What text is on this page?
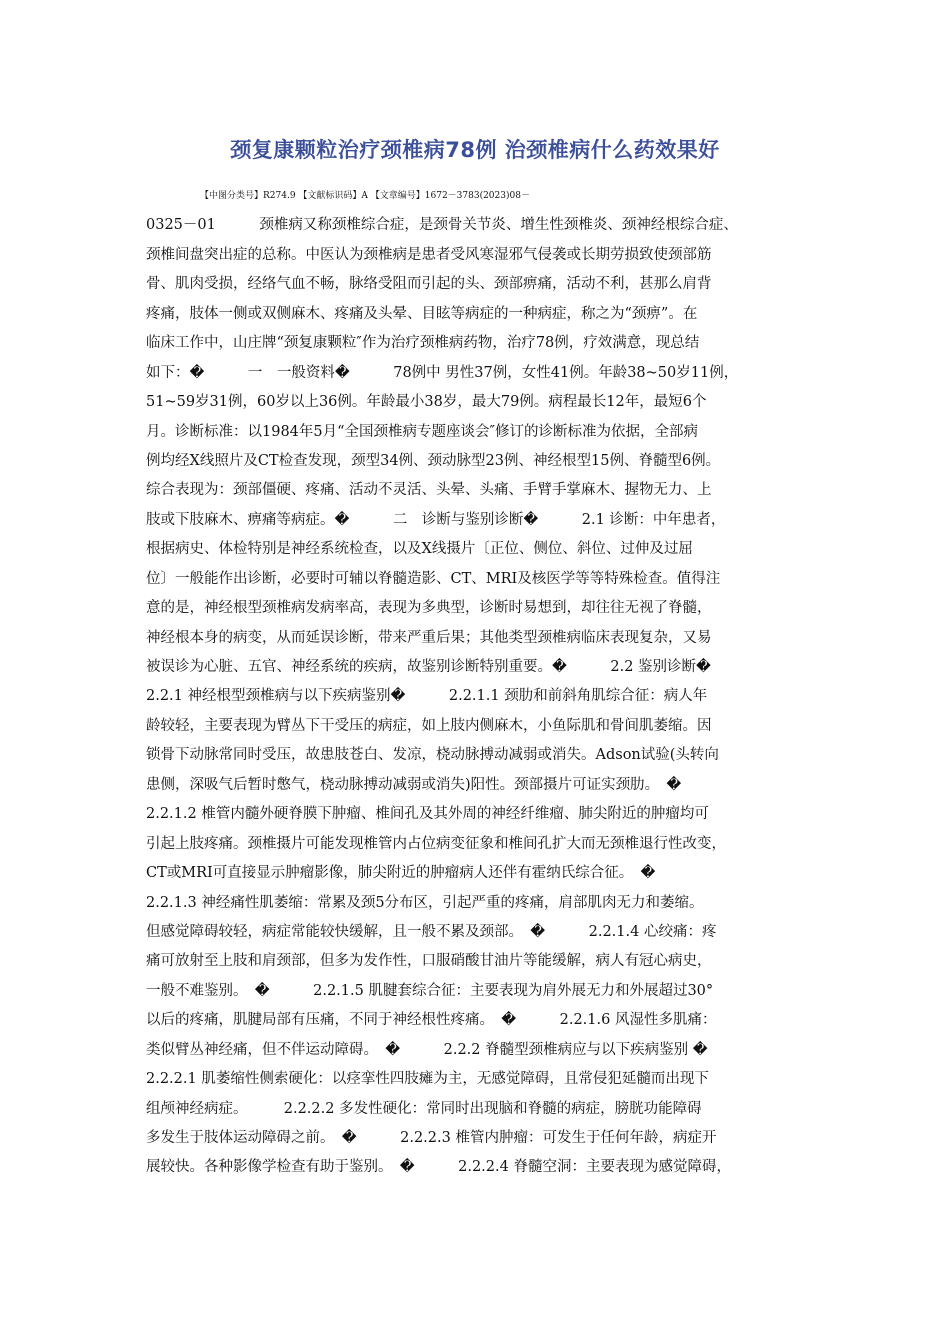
颈复康颗粒治疗颈椎病78例 治颈椎病什么药效果好
【中图分类号】R274.9 【文献标识码】A 【文章编号】1672－3783(2023)08－
0325－01　　　颈椎病又称颈椎综合症，是颈骨关节炎、增生性颈椎炎、颈神经根综合症、
颈椎间盘突出症的总称。中医认为颈椎病是患者受风寒湿邪气侵袭或长期劳损致使颈部筋
骨、肌肉受损，经络气血不畅，脉络受阻而引起的头、颈部痹痛，活动不利，甚那么肩背
疼痛，肢体一侧或双侧麻木、疼痛及头晕、目眩等病症的一种病症，称之为“颈痹”。在
临床工作中，山庄牌“颈复康颗粒″作为治疗颈椎病药物，治疗78例，疗效满意，现总结
如下：�　　　一　一般资料�　　　78例中 男性37例，女性41例。年龄38~50岁11例，
51~59岁31例，60岁以上36例。年龄最小38岁，最大79例。病程最长12年，最短6个
月。诊断标准：以1984年5月“全国颈椎病专题座谈会″修订的诊断标准为依据，全部病
例均经X线照片及CT检查发现，颈型34例、颈动脉型23例、神经根型15例、脊髓型6例。
综合表现为：颈部僵硬、疼痛、活动不灵活、头晕、头痛、手臂手掌麻木、握物无力、上
肢或下肢麻木、痹痛等病症。�　　　二　诊断与鉴别诊断�　　　2.1 诊断：中年患者，
根据病史、体检特别是神经系统检查，以及X线摄片〔正位、侧位、斜位、过伸及过屈
位〕一般能作出诊断，必要时可辅以脊髓造影、CT、MRI及核医学等等特殊检查。值得注
意的是，神经根型颈椎病发病率高，表现为多典型，诊断时易想到，却往往无视了脊髓，
神经根本身的病变，从而延误诊断，带来严重后果；其他类型颈椎病临床表现复杂，又易
被误诊为心脏、五官、神经系统的疾病，故鉴别诊断特别重要。�　　　2.2 鉴别诊断�
2.2.1 神经根型颈椎病与以下疾病鉴别�　　　2.2.1.1 颈肋和前斜角肌综合征：病人年
龄较轻，主要表现为臂丛下干受压的病症，如上肢内侧麻木，小鱼际肌和骨间肌萎缩。因
锁骨下动脉常同时受压，故患肢苍白、发凉，桡动脉搏动减弱或消失。Adson试验(头转向
患侧，深吸气后暂时憋气，桡动脉搏动减弱或消失)阳性。颈部摄片可证实颈肋。　�
2.2.1.2 椎管内髓外硬脊膜下肿瘤、椎间孔及其外周的神经纤维瘤、肺尖附近的肿瘤均可
引起上肢疼痛。颈椎摄片可能发现椎管内占位病变征象和椎间孔扩大而无颈椎退行性改变，
CT或MRI可直接显示肿瘤影像，肺尖附近的肿瘤病人还伴有霍纳氏综合征。　�
2.2.1.3 神经痛性肌萎缩：常累及颈5分布区，引起严重的疼痛，肩部肌肉无力和萎缩。
但感觉障碍较轻，病症常能较快缓解，且一般不累及颈部。　�　　　2.2.1.4 心绞痛：疼
痛可放射至上肢和肩颈部，但多为发作性，口服硝酸甘油片等能缓解，病人有冠心病史，
一般不难鉴别。　�　　　2.2.1.5 肌腱套综合征：主要表现为肩外展无力和外展超过30°
以后的疼痛，肌腱局部有压痛，不同于神经根性疼痛。　�　　　2.2.1.6 风湿性多肌痛：
类似臂丛神经痛，但不伴运动障碍。　�　　　2.2.2 脊髓型颈椎病应与以下疾病鉴别 �
2.2.2.1 肌萎缩性侧索硬化：以痉挛性四肢瘫为主，无感觉障碍，且常侵犯延髓而出现下
组颅神经病症。　　　2.2.2.2 多发性硬化：常同时出现脑和脊髓的病症，膀胱功能障碍
多发生于肢体运动障碍之前。　�　　　2.2.2.3 椎管内肿瘤：可发生于任何年龄，病症开
展较快。各种影像学检查有助于鉴别。　�　　　2.2.2.4 脊髓空洞：主要表现为感觉障碍，
